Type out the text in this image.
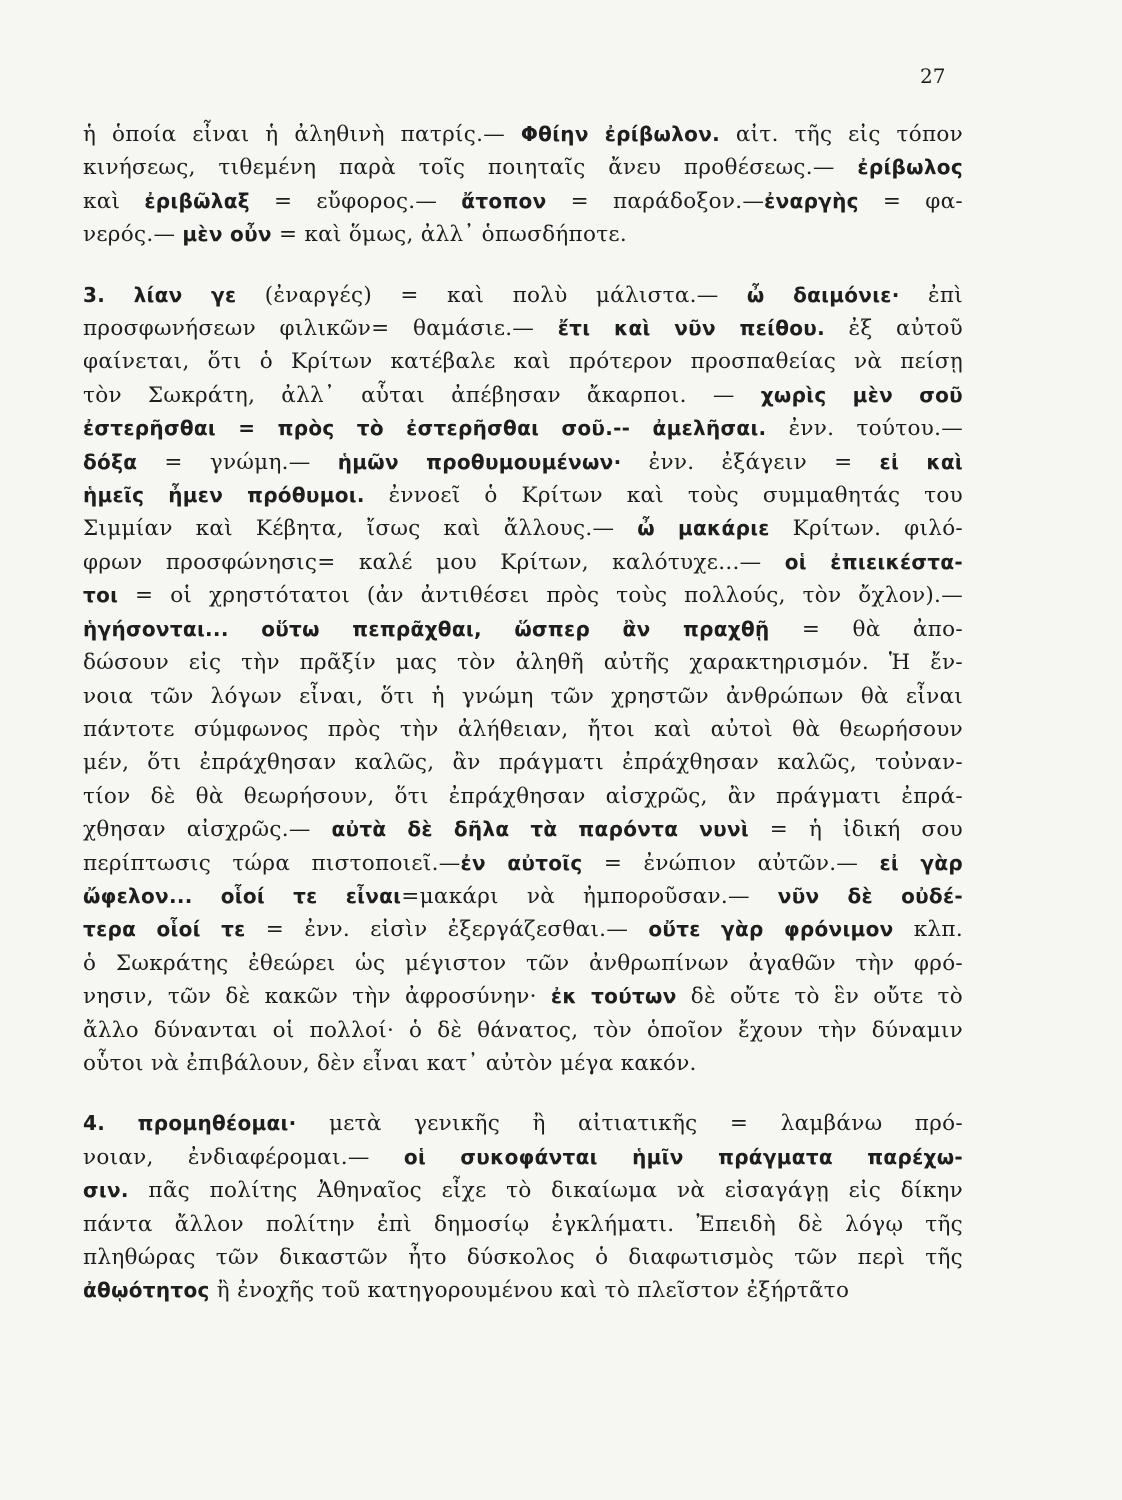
27

ἡ ὁποία εἶναι ἡ ἀληθινὴ πατρίς.— Φθίην ἐρίβωλον. αἰτ. τῆς εἰς τόπον
κινήσεως, τιθεμένη παρὰ τοῖς ποιηταῖς ἄνευ προθέσεως.— ἐρίβωλος
καὶ ἐριβῶλαξ = εὔφορος.— ἄτοπον = παράδοξον.—ἐναργὴς = φα-
νερός.— μὲν οὖν = καὶ ὅμως, ἀλλ᾽ ὁπωσδήποτε.

3. λίαν γε (ἐναργές) = καὶ πολὺ μάλιστα.— ὦ δαιμόνιε· ἐπὶ
προσφωνήσεων φιλικῶν= θαμάσιε.— ἔτι καὶ νῦν πείθου. ἐξ αὐτοῦ
φαίνεται, ὅτι ὁ Κρίτων κατέβαλε καὶ πρότερον προσπαθείας νὰ πείσῃ
τὸν Σωκράτη, ἀλλ᾽ αὗται ἀπέβησαν ἄκαρποι. — χωρὶς μὲν σοῦ
ἐστερῆσθαι = πρὸς τὸ ἐστερῆσθαι σοῦ.-- ἀμελῆσαι. ἐνν. τούτου.—
δόξα = γνώμη.— ἡμῶν προθυμουμένων· ἐνν. ἐξάγειν = εἰ καὶ
ἡμεῖς ἦμεν πρόθυμοι. ἐννοεῖ ὁ Κρίτων καὶ τοὺς συμμαθητάς του
Σιμμίαν καὶ Κέβητα, ἴσως καὶ ἄλλους.— ὦ μακάριε Κρίτων. φιλό-
φρων προσφώνησις= καλέ μου Κρίτων, καλότυχε...— οἱ ἐπιεικέστα-
τοι = οἱ χρηστότατοι (ἀν ἀντιθέσει πρὸς τοὺς πολλούς, τὸν ὄχλον).—
ἡγήσονται... οὕτω πεπρᾶχθαι, ὥσπερ ἂν πραχθῇ = θὰ ἀπο-
δώσουν εἰς τὴν πρᾶξίν μας τὸν ἀληθῆ αὐτῆς χαρακτηρισμόν. Ἡ ἔν-
νοια τῶν λόγων εἶναι, ὅτι ἡ γνώμη τῶν χρηστῶν ἀνθρώπων θὰ εἶναι
πάντοτε σύμφωνος πρὸς τὴν ἀλήθειαν, ἤτοι καὶ αὐτοὶ θὰ θεωρήσουν
μέν, ὅτι ἐπράχθησαν καλῶς, ἂν πράγματι ἐπράχθησαν καλῶς, τοὐναν-
τίον δὲ θὰ θεωρήσουν, ὅτι ἐπράχθησαν αἰσχρῶς, ἂν πράγματι ἐπρά-
χθησαν αἰσχρῶς.— αὐτὰ δὲ δῆλα τὰ παρόντα νυνὶ = ἡ ἰδική σου
περίπτωσις τώρα πιστοποιεῖ.—ἐν αὐτοῖς = ἐνώπιον αὐτῶν.— εἰ γὰρ
ὤφελον... οἷοί τε εἶναι=μακάρι νὰ ἠμποροῦσαν.— νῦν δὲ οὐδέ-
τερα οἷοί τε = ἐνν. εἰσὶν ἐξεργάζεσθαι.— οὔτε γὰρ φρόνιμον κλπ.
ὁ Σωκράτης ἐθεώρει ὡς μέγιστον τῶν ἀνθρωπίνων ἀγαθῶν τὴν φρό-
νησιν, τῶν δὲ κακῶν τὴν ἀφροσύνην· ἐκ τούτων δὲ οὔτε τὸ ἓν οὔτε τὸ
ἄλλο δύνανται οἱ πολλοί· ὁ δὲ θάνατος, τὸν ὁποῖον ἔχουν τὴν δύναμιν
οὗτοι νὰ ἐπιβάλουν, δὲν εἶναι κατ᾽ αὐτὸν μέγα κακόν.

4. προμηθέομαι· μετὰ γενικῆς ἢ αἰτιατικῆς = λαμβάνω πρό-
νοιαν, ἐνδιαφέρομαι.— οἱ συκοφάνται ἡμῖν πράγματα παρέχω-
σιν. πᾶς πολίτης Ἀθηναῖος εἶχε τὸ δικαίωμα νὰ εἰσαγάγῃ εἰς δίκην
πάντα ἄλλον πολίτην ἐπὶ δημοσίῳ ἐγκλήματι. Ἐπειδὴ δὲ λόγῳ τῆς
πληθώρας τῶν δικαστῶν ἦτο δύσκολος ὁ διαφωτισμὸς τῶν περὶ τῆς
ἀθῳότητος ἢ ἐνοχῆς τοῦ κατηγορουμένου καὶ τὸ πλεῖστον ἐξήρτᾶτο
